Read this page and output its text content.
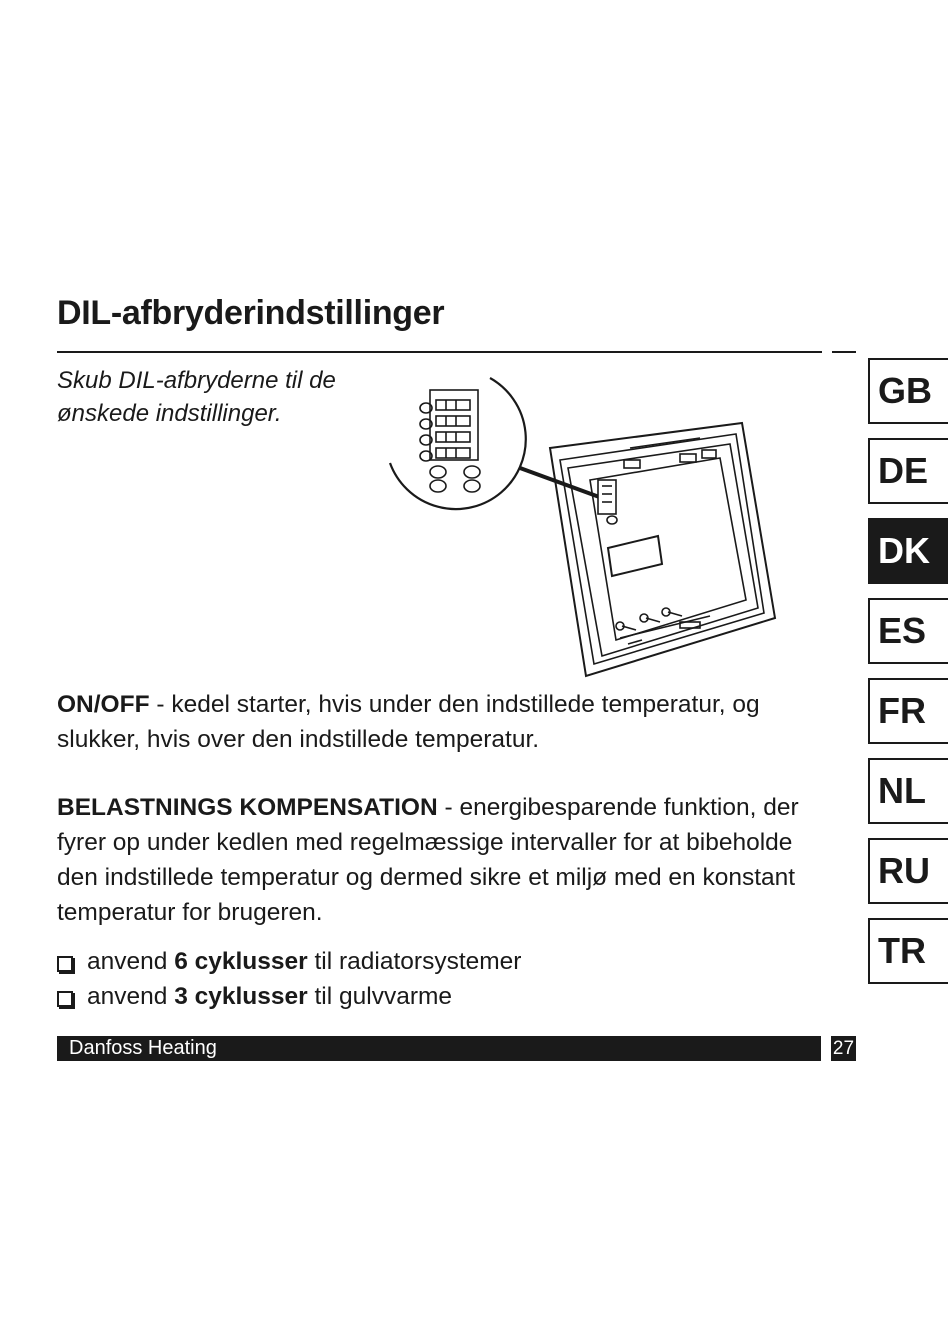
DIL-afbryderindstillinger
Skub DIL-afbryderne til de ønskede indstillinger.
ON/OFF - kedel starter, hvis under den indstillede temperatur, og slukker, hvis over den indstillede temperatur.
BELASTNINGS KOMPENSATION - energibesparende funktion, der fyrer op under kedlen med regelmæssige intervaller for at bibeholde den indstillede temperatur og dermed sikre et miljø med en konstant temperatur for brugeren.
anvend 6 cyklusser til radiatorsystemer
anvend 3 cyklusser til gulvvarme
Danfoss Heating	27
GB
DE
DK
ES
FR
NL
RU
TR
